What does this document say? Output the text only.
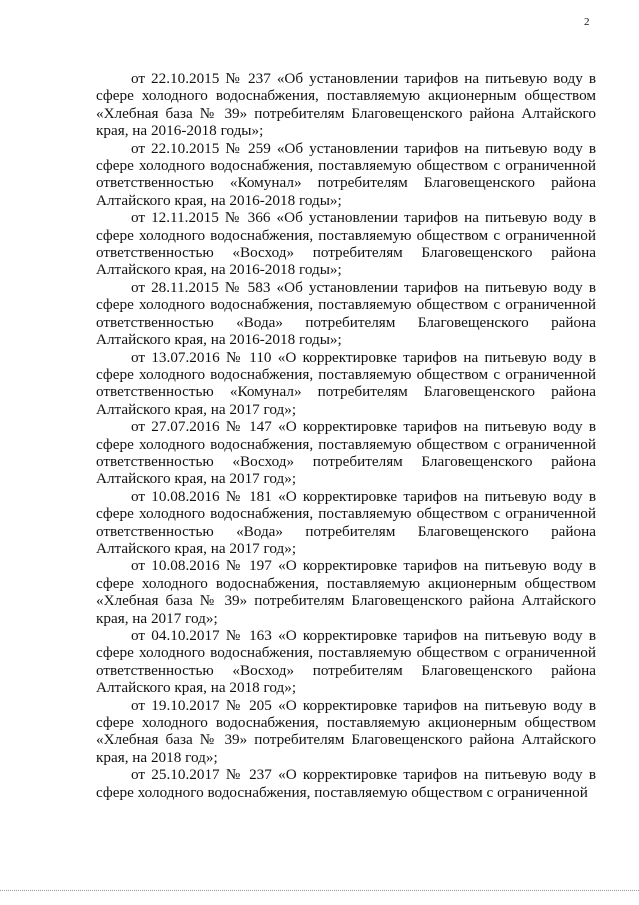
2

от 22.10.2015 № 237 «Об установлении тарифов на питьевую воду в сфере холодного водоснабжения, поставляемую акционерным обществом «Хлебная база № 39» потребителям Благовещенского района Алтайского края, на 2016-2018 годы»;

от 22.10.2015 № 259 «Об установлении тарифов на питьевую воду в сфере холодного водоснабжения, поставляемую обществом с ограниченной ответственностью «Комунал» потребителям Благовещенского района Алтайского края, на 2016-2018 годы»;

от 12.11.2015 № 366 «Об установлении тарифов на питьевую воду в сфере холодного водоснабжения, поставляемую обществом с ограниченной ответственностью «Восход» потребителям Благовещенского района Алтайского края, на 2016-2018 годы»;

от 28.11.2015 № 583 «Об установлении тарифов на питьевую воду в сфере холодного водоснабжения, поставляемую обществом с ограниченной ответственностью «Вода» потребителям Благовещенского района Алтайского края, на 2016-2018 годы»;

от 13.07.2016 № 110 «О корректировке тарифов на питьевую воду в сфере холодного водоснабжения, поставляемую обществом с ограниченной ответственностью «Комунал» потребителям Благовещенского района Алтайского края, на 2017 год»;

от 27.07.2016 № 147 «О корректировке тарифов на питьевую воду в сфере холодного водоснабжения, поставляемую обществом с ограниченной ответственностью «Восход» потребителям Благовещенского района Алтайского края, на 2017 год»;

от 10.08.2016 № 181 «О корректировке тарифов на питьевую воду в сфере холодного водоснабжения, поставляемую обществом с ограниченной ответственностью «Вода» потребителям Благовещенского района Алтайского края, на 2017 год»;

от 10.08.2016 № 197 «О корректировке тарифов на питьевую воду в сфере холодного водоснабжения, поставляемую акционерным обществом «Хлебная база № 39» потребителям Благовещенского района Алтайского края, на 2017 год»;

от 04.10.2017 № 163 «О корректировке тарифов на питьевую воду в сфере холодного водоснабжения, поставляемую обществом с ограниченной ответственностью «Восход» потребителям Благовещенского района Алтайского края, на 2018 год»;

от 19.10.2017 № 205 «О корректировке тарифов на питьевую воду в сфере холодного водоснабжения, поставляемую акционерным обществом «Хлебная база № 39» потребителям Благовещенского района Алтайского края, на 2018 год»;

от 25.10.2017 № 237 «О корректировке тарифов на питьевую воду в сфере холодного водоснабжения, поставляемую обществом с ограниченной
